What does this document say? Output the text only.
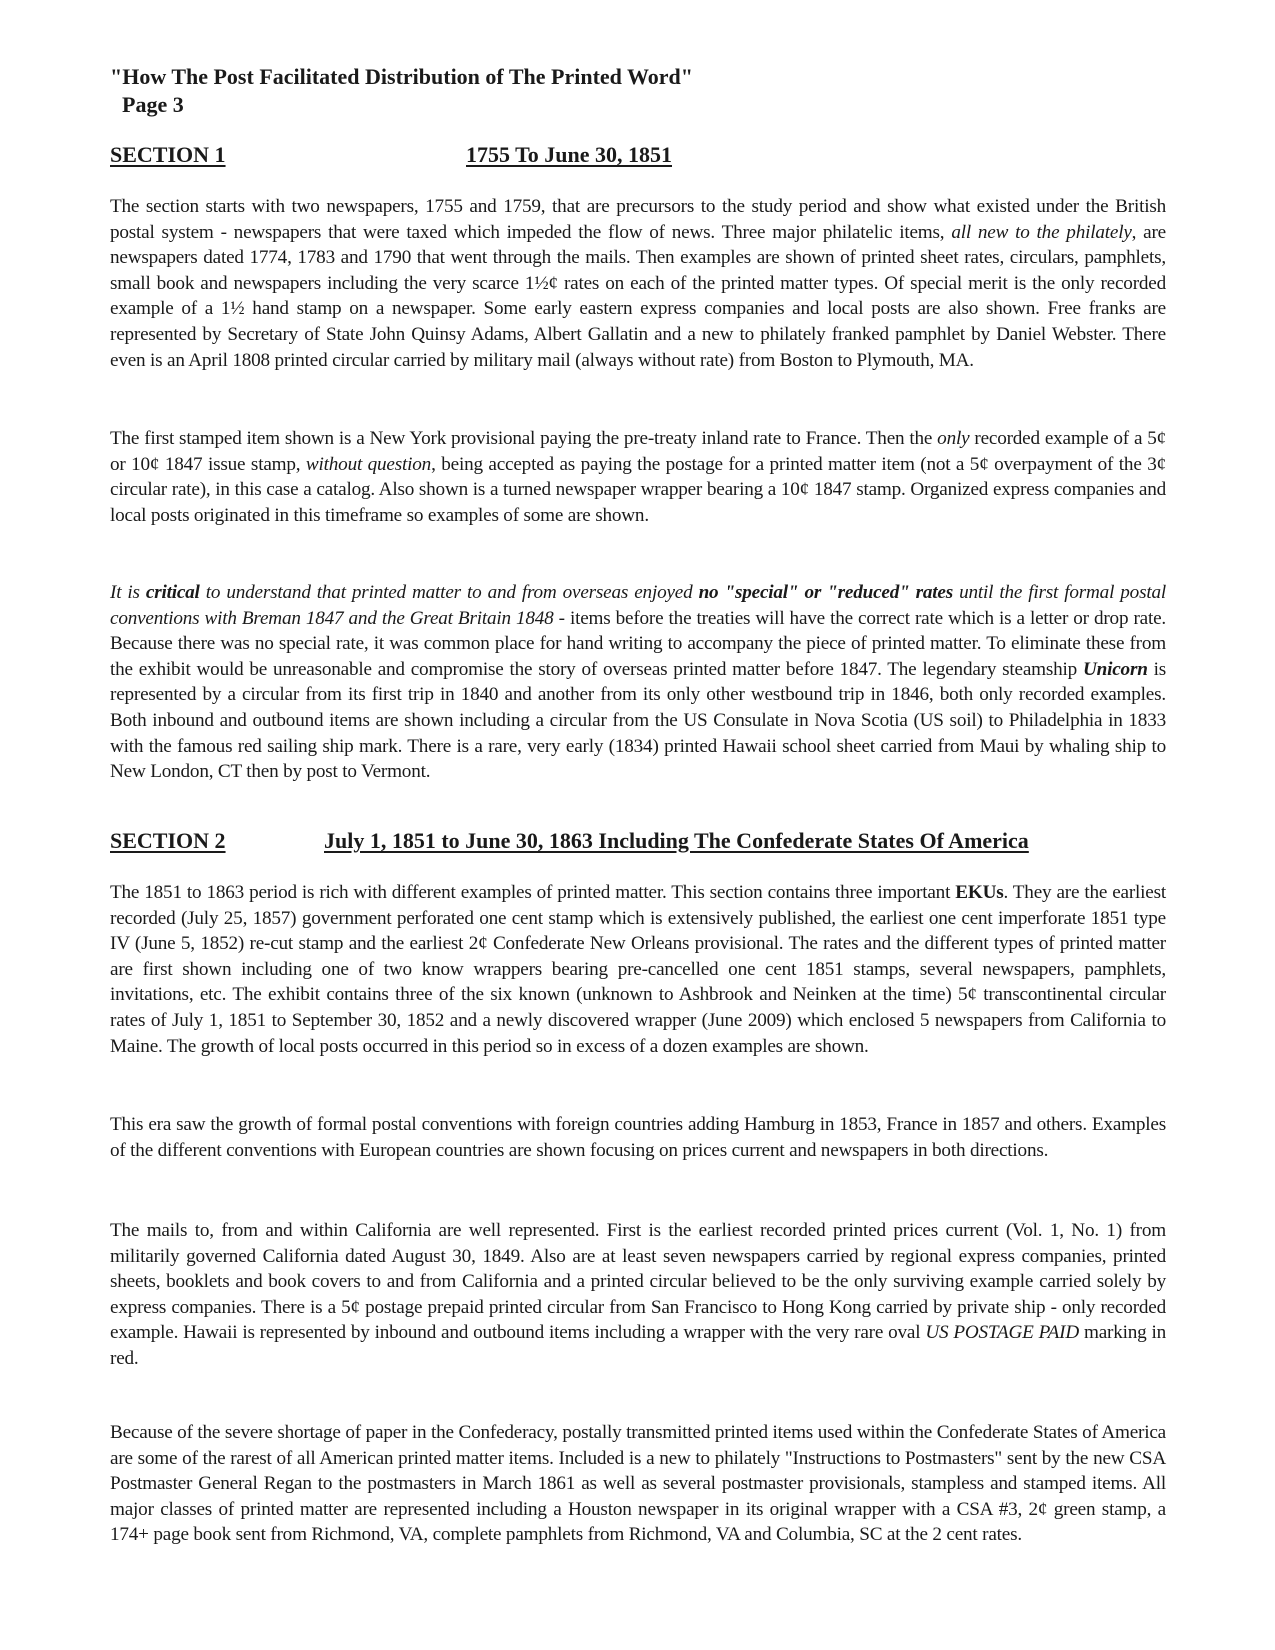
"How The Post Facilitated Distribution of The Printed Word"
Page 3
SECTION 1	1755 To June 30, 1851

The section starts with two newspapers, 1755 and 1759, that are precursors to the study period and show what existed under the British postal system - newspapers that were taxed which impeded the flow of news. Three major philatelic items, all new to the philately, are newspapers dated 1774, 1783 and 1790 that went through the mails. Then examples are shown of printed sheet rates, circulars, pamphlets, small book and newspapers including the very scarce 1½¢ rates on each of the printed matter types. Of special merit is the only recorded example of a 1½ hand stamp on a newspaper. Some early eastern express companies and local posts are also shown. Free franks are represented by Secretary of State John Quinsy Adams, Albert Gallatin and a new to philately franked pamphlet by Daniel Webster. There even is an April 1808 printed circular carried by military mail (always without rate) from Boston to Plymouth, MA.

The first stamped item shown is a New York provisional paying the pre-treaty inland rate to France. Then the only recorded example of a 5¢ or 10¢ 1847 issue stamp, without question, being accepted as paying the postage for a printed matter item (not a 5¢ overpayment of the 3¢ circular rate), in this case a catalog. Also shown is a turned newspaper wrapper bearing a 10¢ 1847 stamp. Organized express companies and local posts originated in this timeframe so examples of some are shown.

It is critical to understand that printed matter to and from overseas enjoyed no "special" or "reduced" rates until the first formal postal conventions with Breman 1847 and the Great Britain 1848 - items before the treaties will have the correct rate which is a letter or drop rate. Because there was no special rate, it was common place for hand writing to accompany the piece of printed matter. To eliminate these from the exhibit would be unreasonable and compromise the story of overseas printed matter before 1847. The legendary steamship Unicorn is represented by a circular from its first trip in 1840 and another from its only other westbound trip in 1846, both only recorded examples. Both inbound and outbound items are shown including a circular from the US Consulate in Nova Scotia (US soil) to Philadelphia in 1833 with the famous red sailing ship mark. There is a rare, very early (1834) printed Hawaii school sheet carried from Maui by whaling ship to New London, CT then by post to Vermont.

SECTION 2	July 1, 1851 to June 30, 1863 Including The Confederate States Of America

The 1851 to 1863 period is rich with different examples of printed matter. This section contains three important EKUs. They are the earliest recorded (July 25, 1857) government perforated one cent stamp which is extensively published, the earliest one cent imperforate 1851 type IV (June 5, 1852) re-cut stamp and the earliest 2¢ Confederate New Orleans provisional. The rates and the different types of printed matter are first shown including one of two know wrappers bearing pre-cancelled one cent 1851 stamps, several newspapers, pamphlets, invitations, etc. The exhibit contains three of the six known (unknown to Ashbrook and Neinken at the time) 5¢ transcontinental circular rates of July 1, 1851 to September 30, 1852 and a newly discovered wrapper (June 2009) which enclosed 5 newspapers from California to Maine. The growth of local posts occurred in this period so in excess of a dozen examples are shown.

This era saw the growth of formal postal conventions with foreign countries adding Hamburg in 1853, France in 1857 and others. Examples of the different conventions with European countries are shown focusing on prices current and newspapers in both directions.

The mails to, from and within California are well represented. First is the earliest recorded printed prices current (Vol. 1, No. 1) from militarily governed California dated August 30, 1849. Also are at least seven newspapers carried by regional express companies, printed sheets, booklets and book covers to and from California and a printed circular believed to be the only surviving example carried solely by express companies. There is a 5¢ postage prepaid printed circular from San Francisco to Hong Kong carried by private ship - only recorded example. Hawaii is represented by inbound and outbound items including a wrapper with the very rare oval US POSTAGE PAID marking in red.

Because of the severe shortage of paper in the Confederacy, postally transmitted printed items used within the Confederate States of America are some of the rarest of all American printed matter items. Included is a new to philately "Instructions to Postmasters" sent by the new CSA Postmaster General Regan to the postmasters in March 1861 as well as several postmaster provisionals, stampless and stamped items. All major classes of printed matter are represented including a Houston newspaper in its original wrapper with a CSA #3, 2¢ green stamp, a 174+ page book sent from Richmond, VA, complete pamphlets from Richmond, VA and Columbia, SC at the 2 cent rates.
